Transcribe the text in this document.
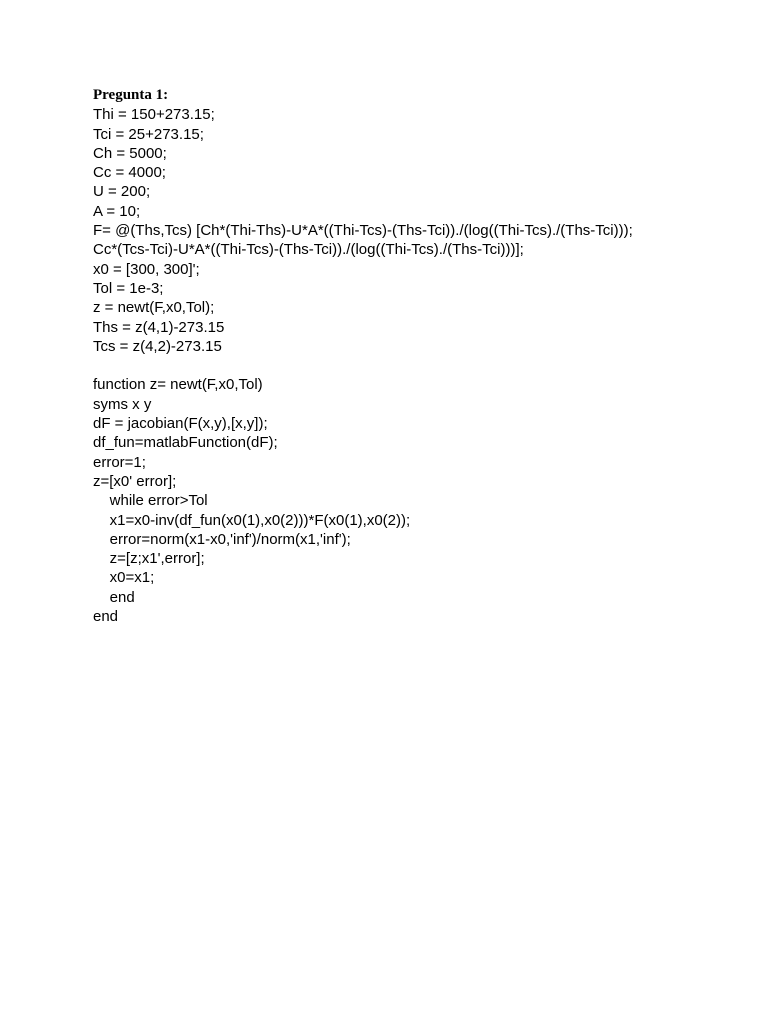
Pregunta 1:
Thi = 150+273.15;
Tci = 25+273.15;
Ch = 5000;
Cc = 4000;
U = 200;
A = 10;
F= @(Ths,Tcs) [Ch*(Thi-Ths)-U*A*((Thi-Tcs)-(Ths-Tci))./(log((Thi-Tcs)./(Ths-Tci)));
Cc*(Tcs-Tci)-U*A*((Thi-Tcs)-(Ths-Tci))./(log((Thi-Tcs)./(Ths-Tci)))];
x0 = [300, 300]';
Tol = 1e-3;
z = newt(F,x0,Tol);
Ths = z(4,1)-273.15
Tcs = z(4,2)-273.15
function z= newt(F,x0,Tol)
syms x y
dF = jacobian(F(x,y),[x,y]);
df_fun=matlabFunction(dF);
error=1;
z=[x0' error];
while error>Tol
x1=x0-inv(df_fun(x0(1),x0(2)))*F(x0(1),x0(2));
error=norm(x1-x0,'inf')/norm(x1,'inf');
z=[z;x1',error];
x0=x1;
end
end
